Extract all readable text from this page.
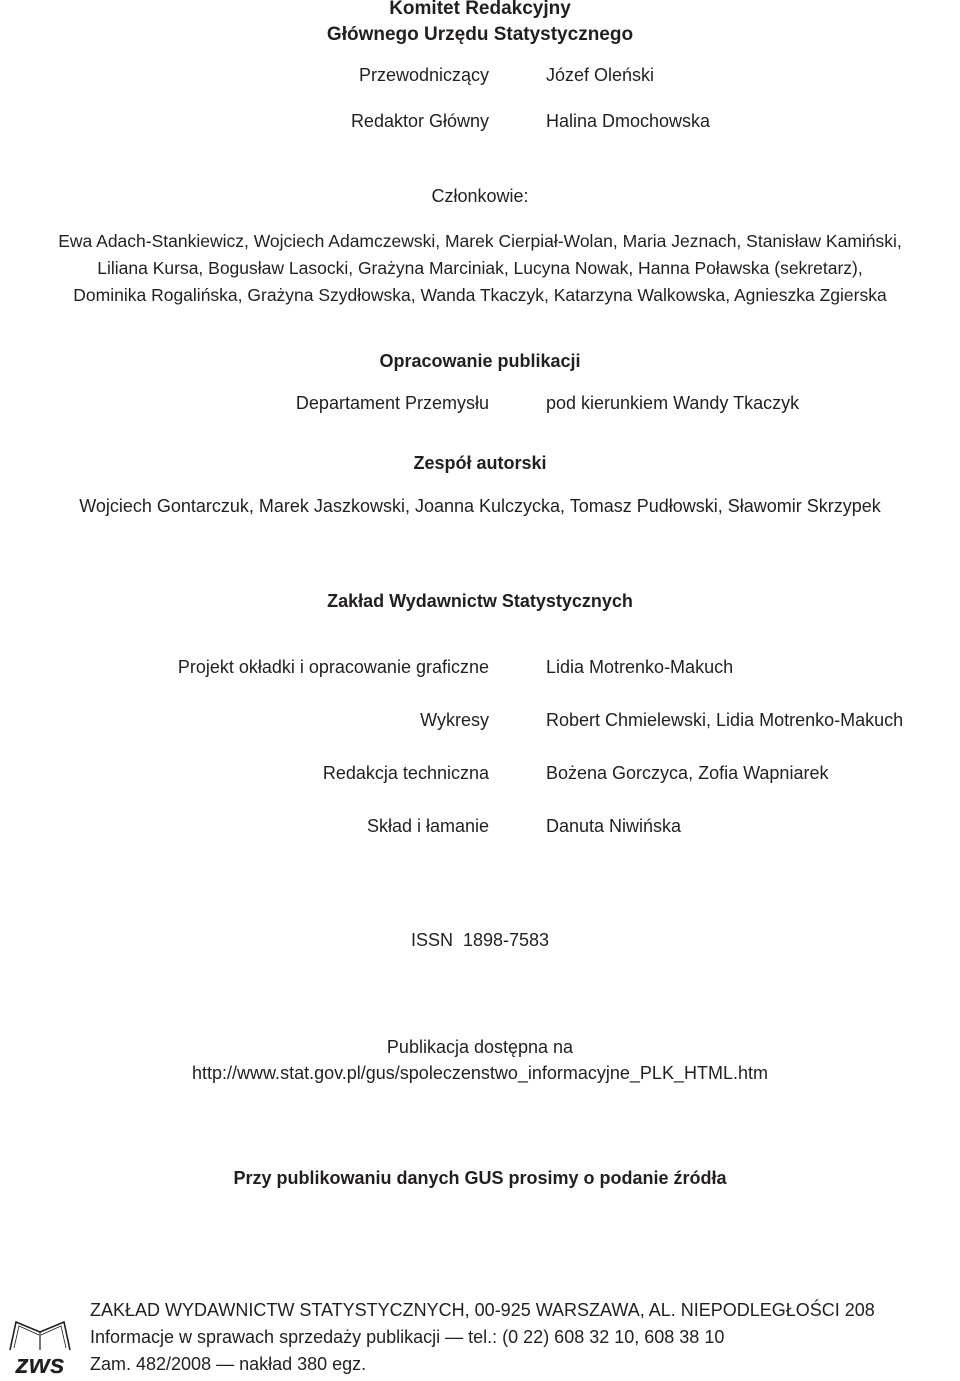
Komitet Redakcyjny
Głównego Urzędu Statystycznego
Przewodniczący	Józef Oleński
Redaktor Główny	Halina Dmochowska
Członkowie:
Ewa Adach-Stankiewicz, Wojciech Adamczewski, Marek Cierpiał-Wolan, Maria Jeznach, Stanisław Kamiński,
Liliana Kursa, Bogusław Lasocki, Grażyna Marciniak, Lucyna Nowak, Hanna Poławska (sekretarz),
Dominika Rogalińska, Grażyna Szydłowska, Wanda Tkaczyk, Katarzyna Walkowska, Agnieszka Zgierska
Opracowanie publikacji
Departament Przemysłu	pod kierunkiem Wandy Tkaczyk
Zespół autorski
Wojciech Gontarczuk, Marek Jaszkowski, Joanna Kulczycka, Tomasz Pudłowski, Sławomir Skrzypek
Zakład Wydawnictw Statystycznych
Projekt okładki i opracowanie graficzne	Lidia Motrenko-Makuch
Wykresy	Robert Chmielewski, Lidia Motrenko-Makuch
Redakcja techniczna	Bożena Gorczyca, Zofia Wapniarek
Skład i łamanie	Danuta Niwińska
ISSN  1898-7583
Publikacja dostępna na
http://www.stat.gov.pl/gus/spoleczenstwo_informacyjne_PLK_HTML.htm
Przy publikowaniu danych GUS prosimy o podanie źródła
zws
ZAKŁAD WYDAWNICTW STATYSTYCZNYCH, 00-925 WARSZAWA, AL. NIEPODLEGŁOŚCI 208
Informacje w sprawach sprzedaży publikacji — tel.: (0 22) 608 32 10, 608 38 10
Zam. 482/2008 — nakład 380 egz.
